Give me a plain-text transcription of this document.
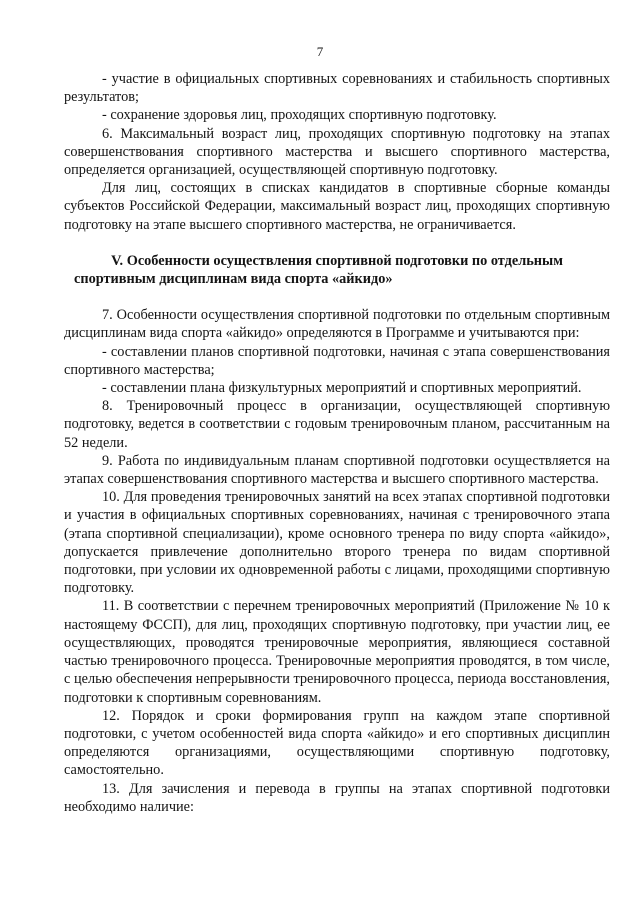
7

- участие в официальных спортивных соревнованиях и стабильность спортивных результатов;

- сохранение здоровья лиц, проходящих спортивную подготовку.

6. Максимальный возраст лиц, проходящих спортивную подготовку на этапах совершенствования спортивного мастерства и высшего спортивного мастерства, определяется организацией, осуществляющей спортивную подготовку.

Для лиц, состоящих в списках кандидатов в спортивные сборные команды субъектов Российской Федерации, максимальный возраст лиц, проходящих спортивную подготовку на этапе высшего спортивного мастерства, не ограничивается.

V. Особенности осуществления спортивной подготовки по отдельным спортивным дисциплинам вида спорта «айкидо»

7. Особенности осуществления спортивной подготовки по отдельным спортивным дисциплинам вида спорта «айкидо» определяются в Программе и учитываются при:

- составлении планов спортивной подготовки, начиная с этапа совершенствования спортивного мастерства;

- составлении плана физкультурных мероприятий и спортивных мероприятий.

8. Тренировочный процесс в организации, осуществляющей спортивную подготовку, ведется в соответствии с годовым тренировочным планом, рассчитанным на 52 недели.

9. Работа по индивидуальным планам спортивной подготовки осуществляется на этапах совершенствования спортивного мастерства и высшего спортивного мастерства.

10. Для проведения тренировочных занятий на всех этапах спортивной подготовки и участия в официальных спортивных соревнованиях, начиная с тренировочного этапа (этапа спортивной специализации), кроме основного тренера по виду спорта «айкидо», допускается привлечение дополнительно второго тренера по видам спортивной подготовки, при условии их одновременной работы с лицами, проходящими спортивную подготовку.

11. В соответствии с перечнем тренировочных мероприятий (Приложение № 10 к настоящему ФССП), для лиц, проходящих спортивную подготовку, при участии лиц, ее осуществляющих, проводятся тренировочные мероприятия, являющиеся составной частью тренировочного процесса. Тренировочные мероприятия проводятся, в том числе, с целью обеспечения непрерывности тренировочного процесса, периода восстановления, подготовки к спортивным соревнованиям.

12. Порядок и сроки формирования групп на каждом этапе спортивной подготовки, с учетом особенностей вида спорта «айкидо» и его спортивных дисциплин определяются организациями, осуществляющими спортивную подготовку, самостоятельно.

13. Для зачисления и перевода в группы на этапах спортивной подготовки необходимо наличие:
